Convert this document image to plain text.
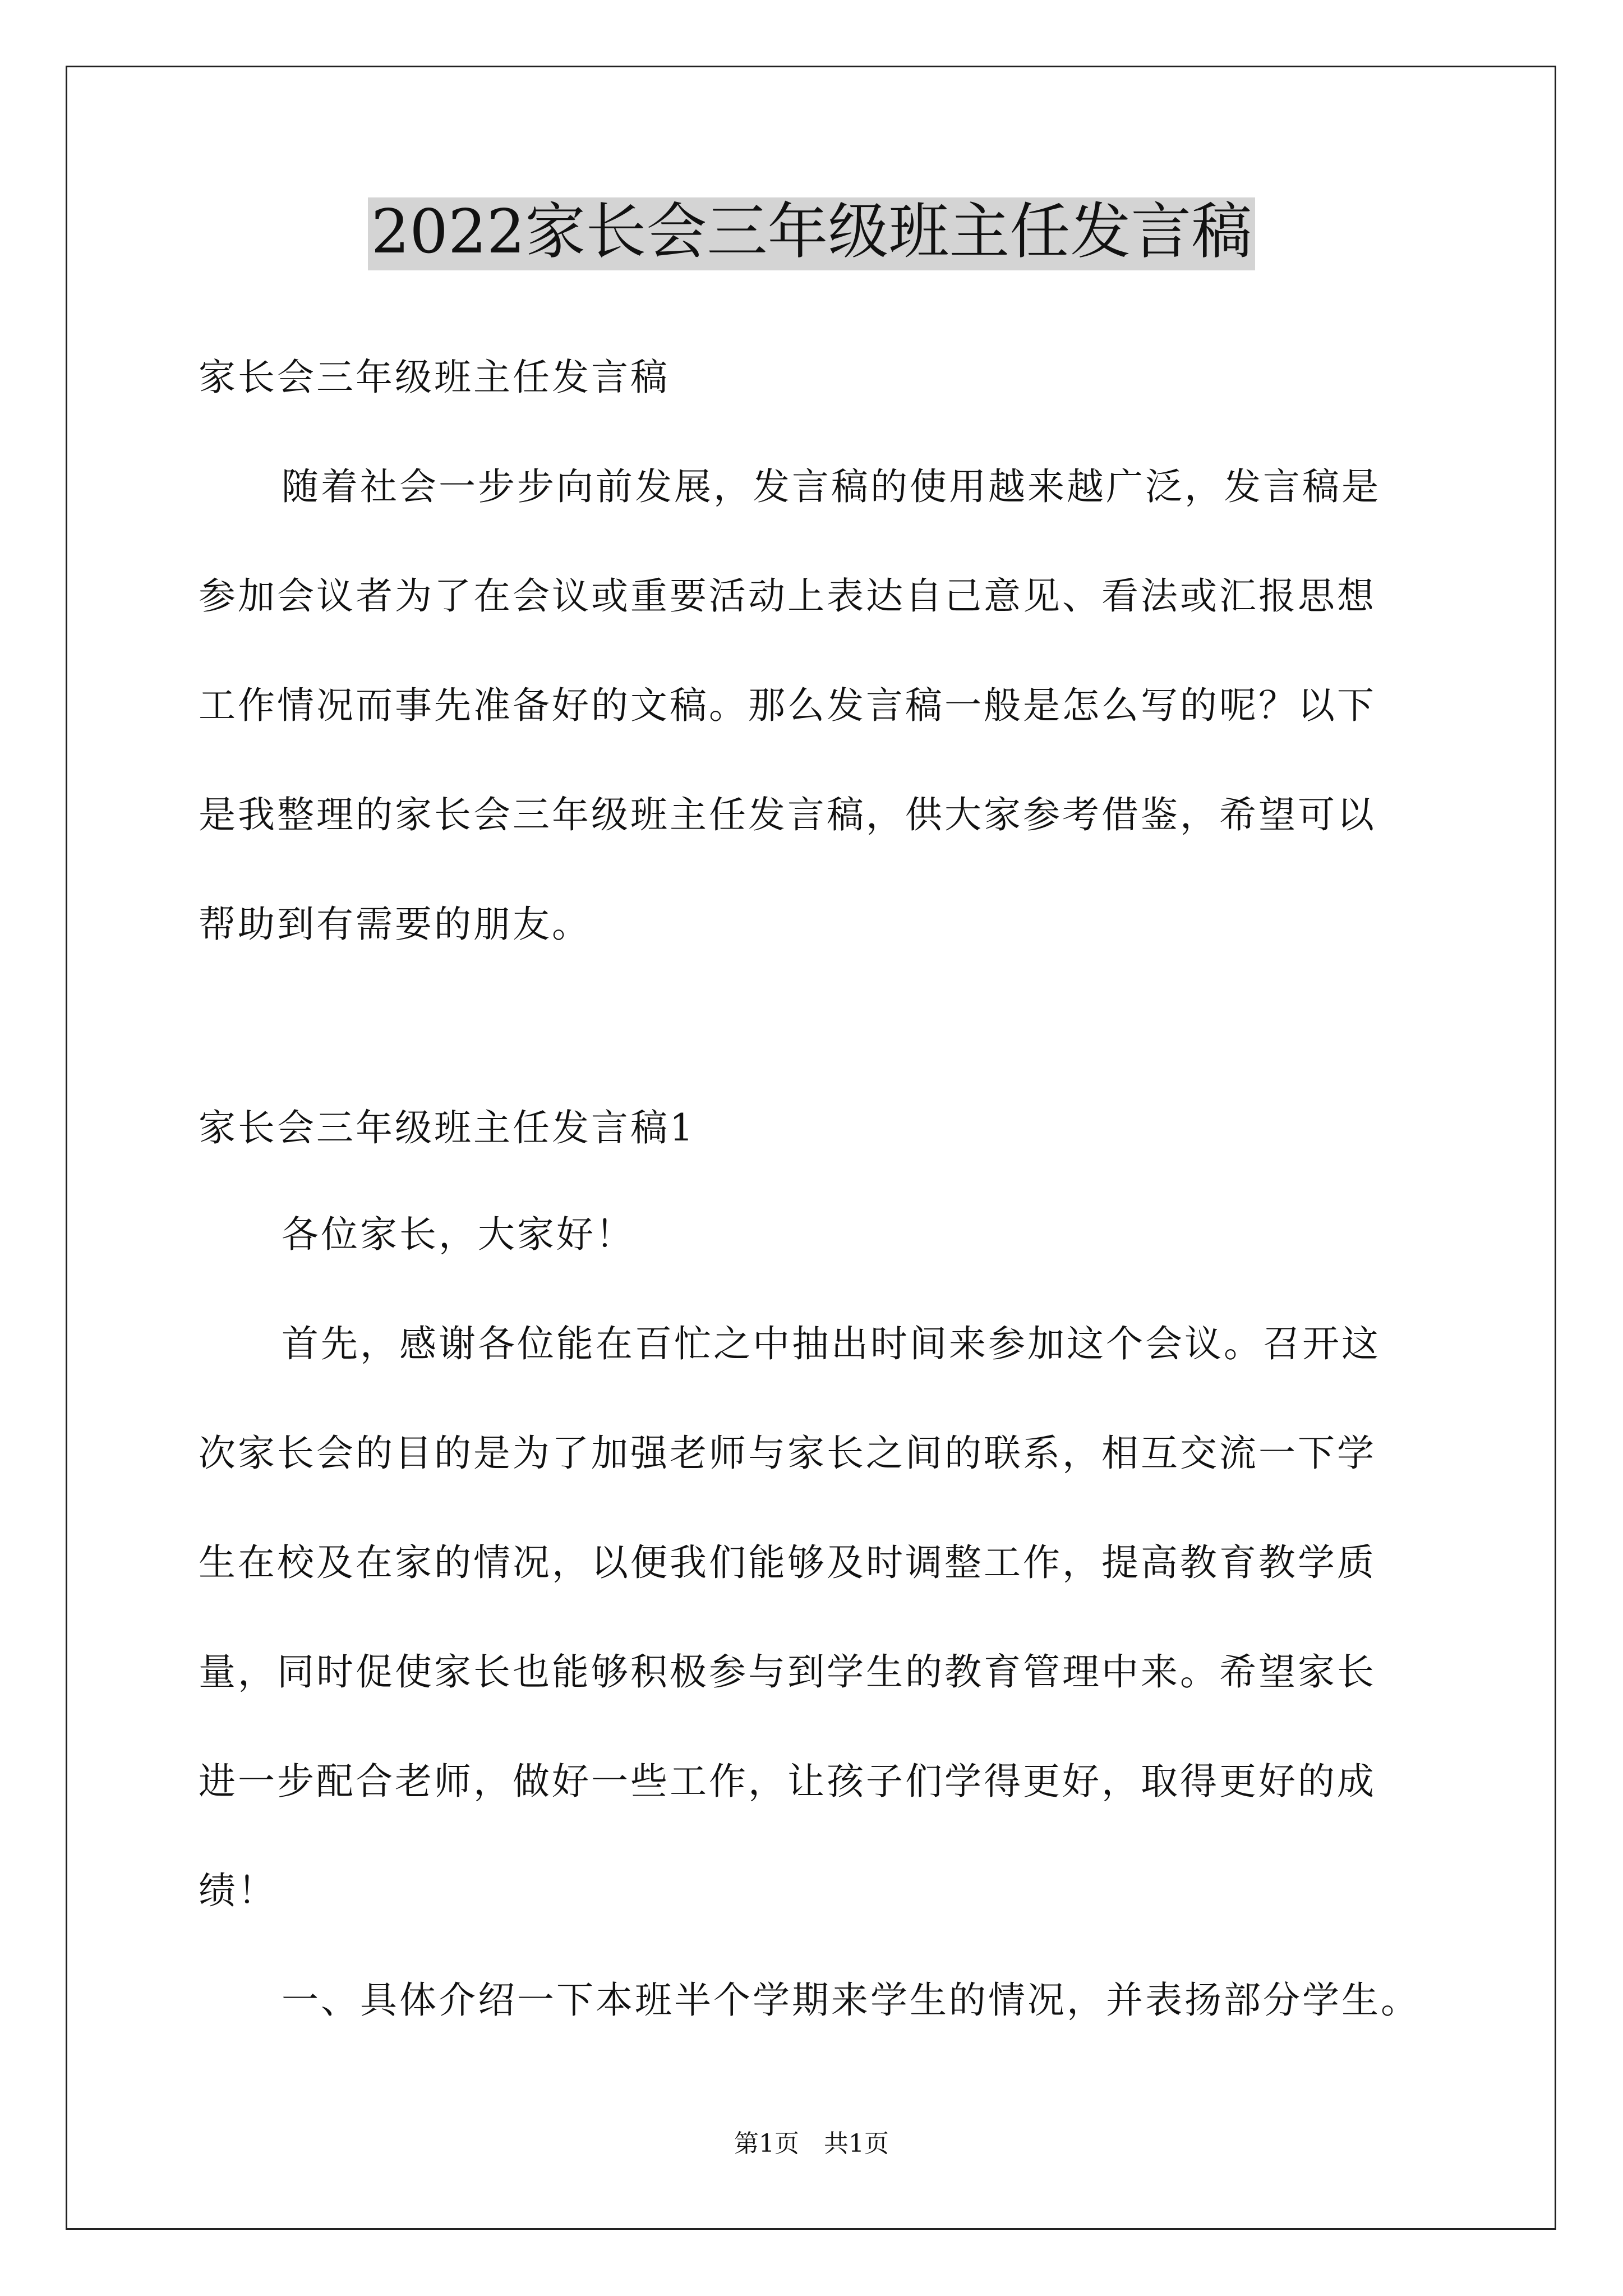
2022家长会三年级班主任发言稿
家长会三年级班主任发言稿
随着社会一步步向前发展，发言稿的使用越来越广泛，发言稿是
参加会议者为了在会议或重要活动上表达自己意见、看法或汇报思想
工作情况而事先准备好的文稿。那么发言稿一般是怎么写的呢？以下
是我整理的家长会三年级班主任发言稿，供大家参考借鉴，希望可以
帮助到有需要的朋友。
家长会三年级班主任发言稿1
各位家长，大家好！
首先，感谢各位能在百忙之中抽出时间来参加这个会议。召开这
次家长会的目的是为了加强老师与家长之间的联系，相互交流一下学
生在校及在家的情况，以便我们能够及时调整工作，提高教育教学质
量，同时促使家长也能够积极参与到学生的教育管理中来。希望家长
进一步配合老师，做好一些工作，让孩子们学得更好，取得更好的成
绩！
一、具体介绍一下本班半个学期来学生的情况，并表扬部分学生。
第1页　共1页
